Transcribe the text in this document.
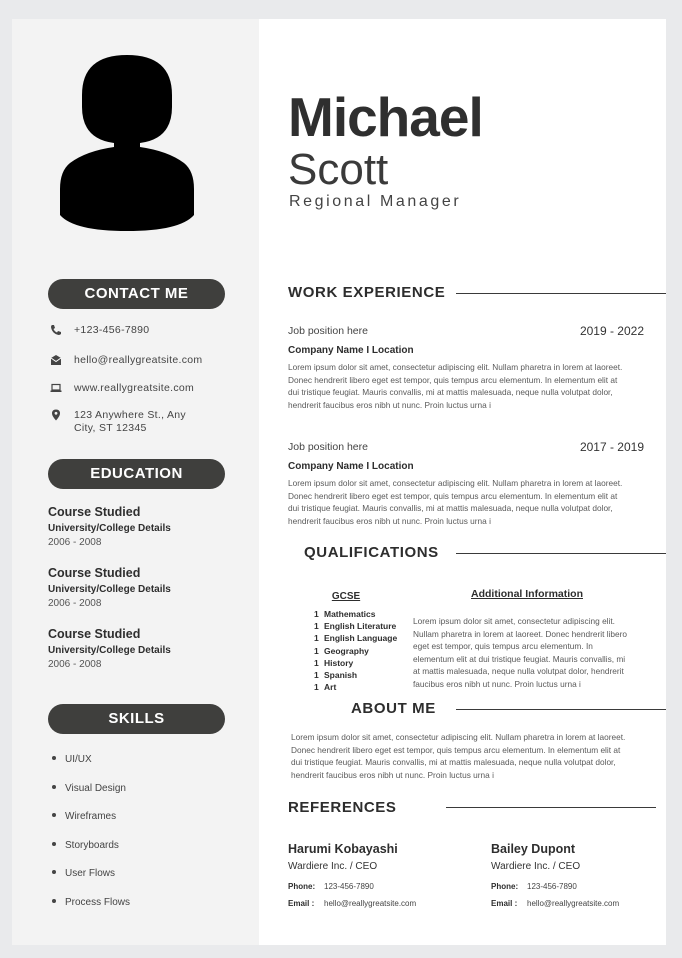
CONTACT ME
+123-456-7890
hello@reallygreatsite.com
www.reallygreatsite.com
123 Anywhere St., Any
City, ST 12345
EDUCATION
Course Studied
University/College Details
2006 - 2008
Course Studied
University/College Details
2006 - 2008
Course Studied
University/College Details
2006 - 2008
SKILLS
UI/UX
Visual Design
Wireframes
Storyboards
User Flows
Process Flows
Michael
Scott
Regional Manager
WORK EXPERIENCE
Job position here	2019 - 2022
Company Name I Location
Lorem ipsum dolor sit amet, consectetur adipiscing elit. Nullam pharetra in lorem at laoreet.
Donec hendrerit libero eget est tempor, quis tempus arcu elementum. In elementum elit at
dui tristique feugiat. Mauris convallis, mi at mattis malesuada, neque nulla volutpat dolor,
hendrerit faucibus eros nibh ut nunc. Proin luctus urna i
Job position here	2017 - 2019
Company Name I Location
Lorem ipsum dolor sit amet, consectetur adipiscing elit. Nullam pharetra in lorem at laoreet.
Donec hendrerit libero eget est tempor, quis tempus arcu elementum. In elementum elit at
dui tristique feugiat. Mauris convallis, mi at mattis malesuada, neque nulla volutpat dolor,
hendrerit faucibus eros nibh ut nunc. Proin luctus urna i
QUALIFICATIONS
GCSE
1 Mathematics
1 English Literature
1 English Language
1 Geography
1 History
1 Spanish
1 Art
Additional Information
Lorem ipsum dolor sit amet, consectetur adipiscing elit.
Nullam pharetra in lorem at laoreet. Donec hendrerit libero
eget est tempor, quis tempus arcu elementum. In
elementum elit at dui tristique feugiat. Mauris convallis, mi
at mattis malesuada, neque nulla volutpat dolor, hendrerit
faucibus eros nibh ut nunc. Proin luctus urna i
ABOUT ME
Lorem ipsum dolor sit amet, consectetur adipiscing elit. Nullam pharetra in lorem at laoreet.
Donec hendrerit libero eget est tempor, quis tempus arcu elementum. In elementum elit at
dui tristique feugiat. Mauris convallis, mi at mattis malesuada, neque nulla volutpat dolor,
hendrerit faucibus eros nibh ut nunc. Proin luctus urna i
REFERENCES
Harumi Kobayashi
Wardiere Inc. / CEO
Phone: 123-456-7890
Email : hello@reallygreatsite.com
Bailey Dupont
Wardiere Inc. / CEO
Phone: 123-456-7890
Email : hello@reallygreatsite.com
